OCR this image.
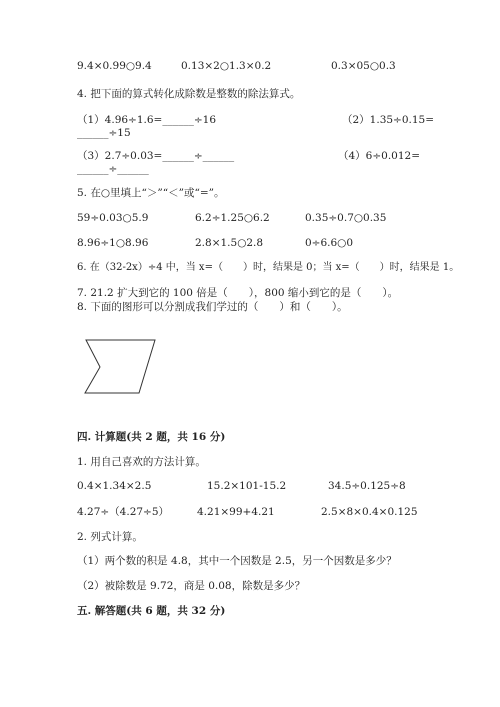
9.4×0.99○9.4	0.13×2○1.3×0.2	0.3×05○0.3
4. 把下面的算式转化成除数是整数的除法算式。
（1）4.96÷1.6=______÷16	（2）1.35÷0.15=
______÷15
（3）2.7÷0.03=______÷______	（4）6÷0.012=
______÷______
5. 在○里填上“＞”“＜”或“=”。
59÷0.03○5.9	6.2÷1.25○6.2	0.35÷0.7○0.35
8.96÷1○8.96	2.8×1.5○2.8	0÷6.6○0
6. 在（32-2x）÷4 中，当 x=（　　）时，结果是 0；当 x=（　　）时，结果是 1。
7. 21.2 扩大到它的 100 倍是（　　），800 缩小到它的是（　　）。
8. 下面的图形可以分割成我们学过的（　　）和（　　）。
四. 计算题(共 2 题，共 16 分)
1. 用自己喜欢的方法计算。
0.4×1.34×2.5	15.2×101-15.2	34.5÷0.125÷8
4.27÷（4.27÷5）	4.21×99+4.21	2.5×8×0.4×0.125
2. 列式计算。
（1）两个数的积是 4.8，其中一个因数是 2.5，另一个因数是多少？
（2）被除数是 9.72，商是 0.08，除数是多少？
五. 解答题(共 6 题，共 32 分)
